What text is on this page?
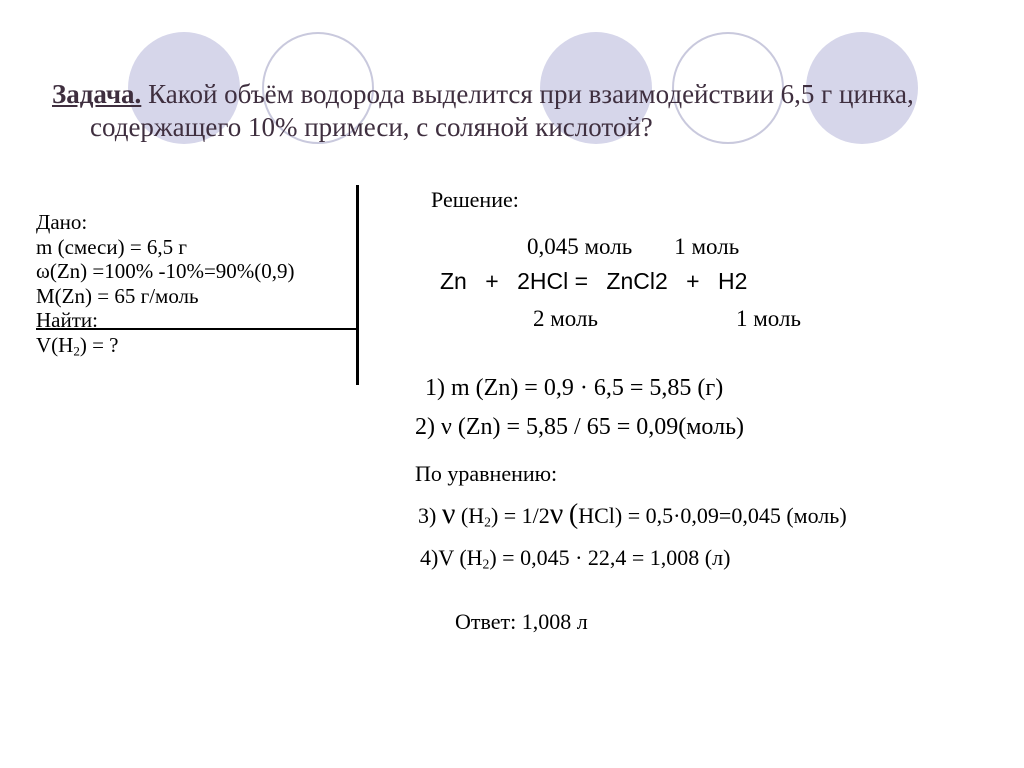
Задача. Какой объём водорода выделится при взаимодействии 6,5 г цинка,
содержащего 10% примеси, с соляной кислотой?
Дано:
m (смеси) = 6,5 г
ω(Zn) =100% -10%=90%(0,9)
M(Zn) = 65 г/моль
Найти:
$V(H_2)$ = ?
Решение:
0,045 моль 1 моль
Zn + 2HCl = ZnCl2 + H2
2 моль	1 моль
1) m (Zn) = 0,9 · 6,5 = 5,85 (г)
2) ν (Zn) = 5,85 / 65 = 0,09(моль)
По уравнению:
3) ν $(H_2) = 1/2\nu$ (HCl) = 0,5·0,09=0,045 (моль)
4)V $(H_2) = 0,045 \cdot 22,4 = 1,008$ (л)
Ответ: 1,008 л
